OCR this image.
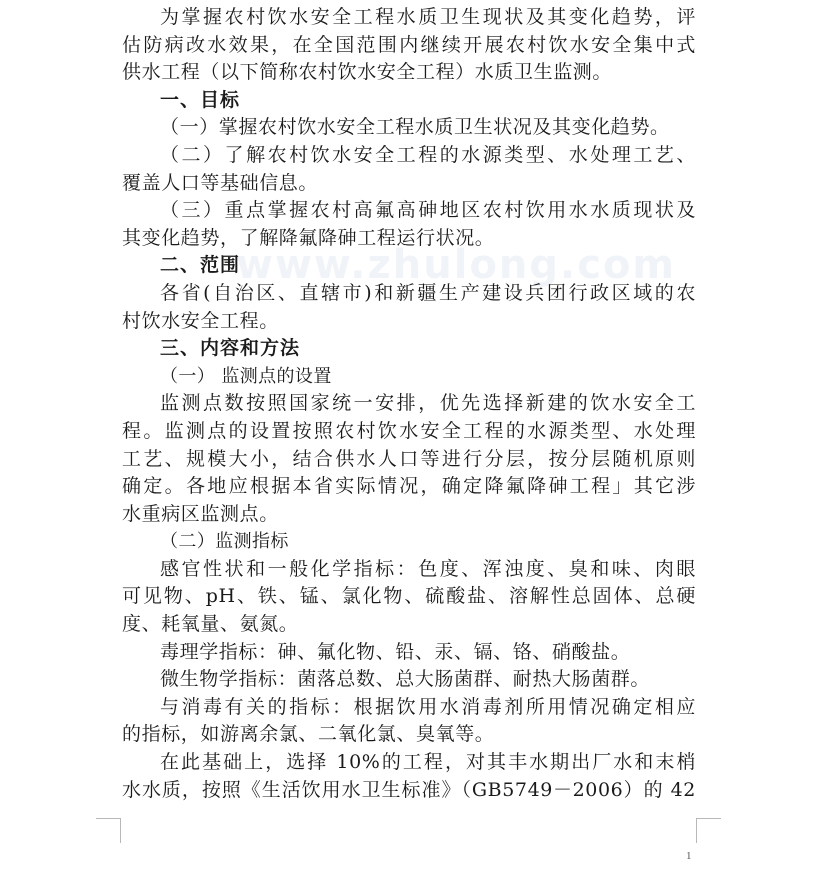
www.zhulong.com
为掌握农村饮水安全工程水质卫生现状及其变化趋势，评
估防病改水效果，在全国范围内继续开展农村饮水安全集中式
供水工程（以下简称农村饮水安全工程）水质卫生监测。
一、目标
（一）掌握农村饮水安全工程水质卫生状况及其变化趋势。
（二）了解农村饮水安全工程的水源类型、水处理工艺、
覆盖人口等基础信息。
（三）重点掌握农村高氟高砷地区农村饮用水水质现状及
其变化趋势，了解降氟降砷工程运行状况。
二、范围
各省(自治区、直辖市)和新疆生产建设兵团行政区域的农
村饮水安全工程。
三、内容和方法
（一） 监测点的设置
监测点数按照国家统一安排，优先选择新建的饮水安全工
程。监测点的设置按照农村饮水安全工程的水源类型、水处理
工艺、规模大小，结合供水人口等进行分层，按分层随机原则
确定。各地应根据本省实际情况，确定降氟降砷工程」其它涉
水重病区监测点。
（二）监测指标
感官性状和一般化学指标：色度、浑浊度、臭和味、肉眼
可见物、pH、铁、锰、氯化物、硫酸盐、溶解性总固体、总硬
度、耗氧量、氨氮。
毒理学指标：砷、氟化物、铅、汞、镉、铬、硝酸盐。
微生物学指标：菌落总数、总大肠菌群、耐热大肠菌群。
与消毒有关的指标：根据饮用水消毒剂所用情况确定相应
的指标，如游离余氯、二氧化氯、臭氧等。
在此基础上，选择 10%的工程，对其丰水期出厂水和末梢
水水质，按照《生活饮用水卫生标准》（GB5749－2006）的 42
1
